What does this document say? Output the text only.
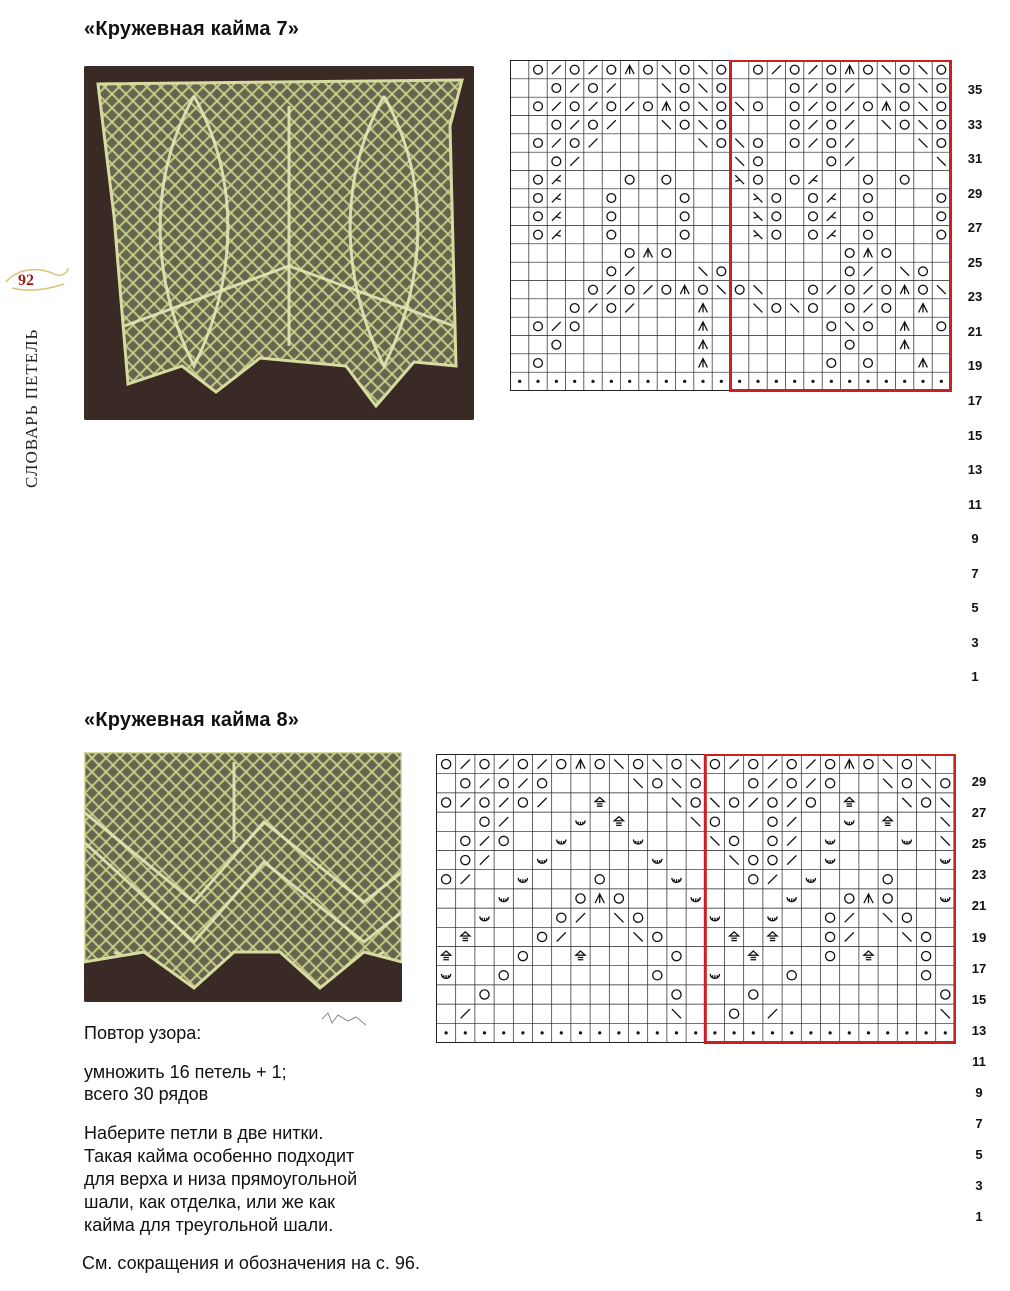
«Кружевная кайма 7»
92
СЛОВАРЬ ПЕТЕЛЬ
35
33
31
29
27
25
23
21
19
17
15
13
11
9
7
5
3
1
«Кружевная кайма 8»
29
27
25
23
21
19
17
15
13
11
9
7
5
3
1
Повтор узора:
умножить 16 петель + 1;
всего 30 рядов
Наберите петли в две нитки.
Такая кайма особенно подходит
для верха и низа прямоугольной
шали, как отделка, или же как
кайма для треугольной шали.
См. сокращения и обозначения на с. 96.
